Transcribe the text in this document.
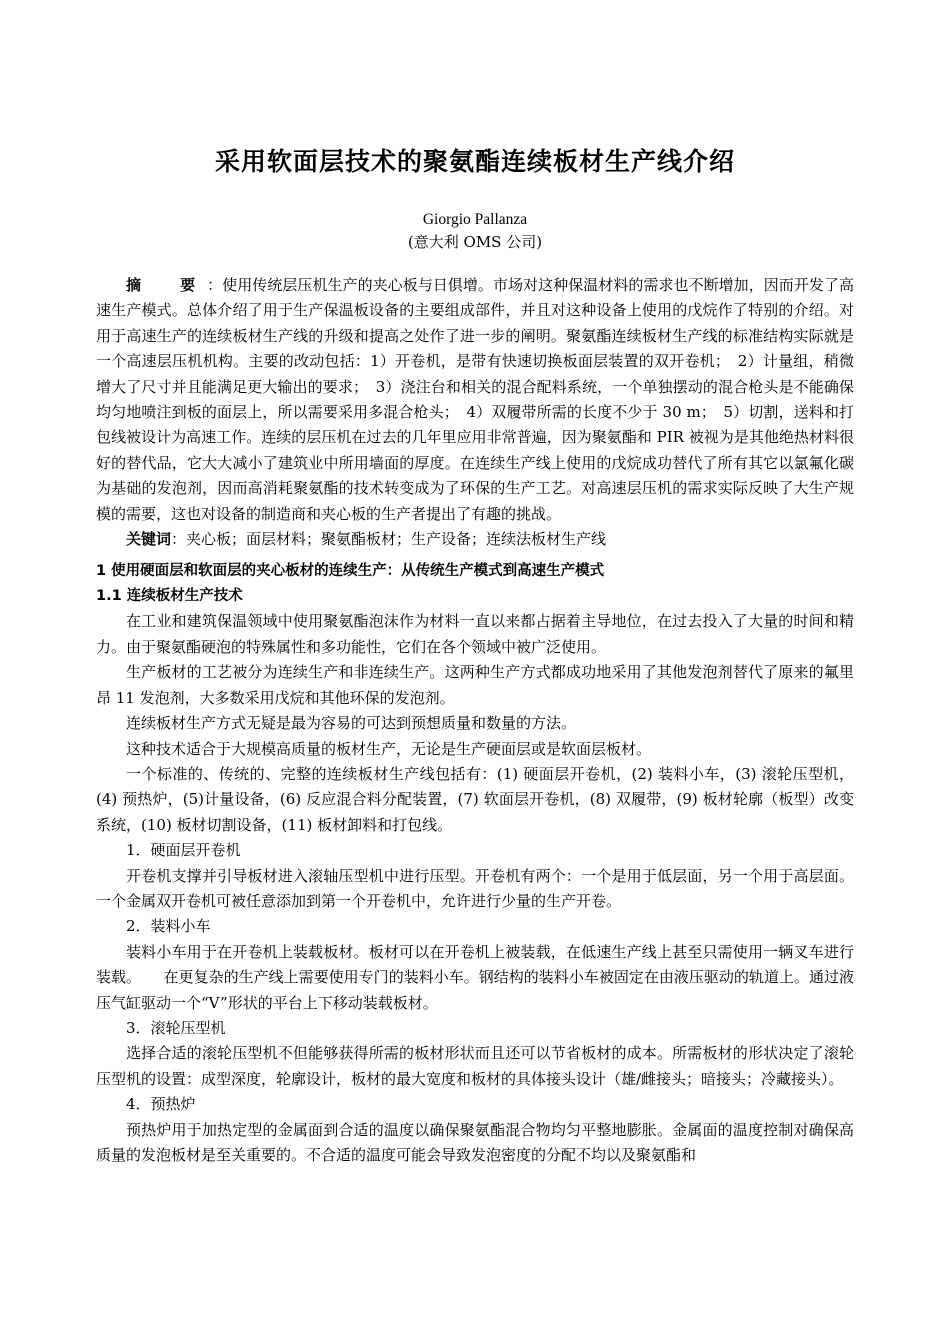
采用软面层技术的聚氨酯连续板材生产线介绍
Giorgio Pallanza
(意大利 OMS 公司)

摘　要：使用传统层压机生产的夹心板与日俱增。市场对这种保温材料的需求也不断增加，因而开发了高速生产模式。总体介绍了用于生产保温板设备的主要组成部件，并且对这种设备上使用的戊烷作了特别的介绍。对用于高速生产的连续板材生产线的升级和提高之处作了进一步的阐明。聚氨酯连续板材生产线的标准结构实际就是一个高速层压机机构。主要的改动包括：1）开卷机，是带有快速切换板面层装置的双开卷机；　2）计量组，稍微增大了尺寸并且能满足更大输出的要求；　3）浇注台和相关的混合配料系统，一个单独摆动的混合枪头是不能确保均匀地喷注到板的面层上，所以需要采用多混合枪头；　4）双履带所需的长度不少于 30 m；　5）切割，送料和打包线被设计为高速工作。连续的层压机在过去的几年里应用非常普遍，因为聚氨酯和 PIR 被视为是其他绝热材料很好的替代品，它大大减小了建筑业中所用墙面的厚度。在连续生产线上使用的戊烷成功替代了所有其它以氯氟化碳为基础的发泡剂，因而高消耗聚氨酯的技术转变成为了环保的生产工艺。对高速层压机的需求实际反映了大生产规模的需要，这也对设备的制造商和夹心板的生产者提出了有趣的挑战。

关键词：夹心板；面层材料；聚氨酯板材；生产设备；连续法板材生产线

1 使用硬面层和软面层的夹心板材的连续生产：从传统生产模式到高速生产模式
1.1 连续板材生产技术

在工业和建筑保温领域中使用聚氨酯泡沫作为材料一直以来都占据着主导地位，在过去投入了大量的时间和精力。由于聚氨酯硬泡的特殊属性和多功能性，它们在各个领域中被广泛使用。

生产板材的工艺被分为连续生产和非连续生产。这两种生产方式都成功地采用了其他发泡剂替代了原来的氟里昂 11 发泡剂，大多数采用戊烷和其他环保的发泡剂。

连续板材生产方式无疑是最为容易的可达到预想质量和数量的方法。

这种技术适合于大规模高质量的板材生产，无论是生产硬面层或是软面层板材。

一个标准的、传统的、完整的连续板材生产线包括有：(1) 硬面层开卷机，(2) 装料小车，(3) 滚轮压型机，(4) 预热炉，(5)计量设备，(6) 反应混合料分配装置，(7) 软面层开卷机，(8) 双履带，(9) 板材轮廓（板型）改变系统，(10) 板材切割设备，(11) 板材卸料和打包线。

1．硬面层开卷机

开卷机支撑并引导板材进入滚轴压型机中进行压型。开卷机有两个：一个是用于低层面，另一个用于高层面。一个金属双开卷机可被任意添加到第一个开卷机中，允许进行少量的生产开卷。

2．装料小车

装料小车用于在开卷机上装载板材。板材可以在开卷机上被装载，在低速生产线上甚至只需使用一辆叉车进行装载。　　在更复杂的生产线上需要使用专门的装料小车。钢结构的装料小车被固定在由液压驱动的轨道上。通过液压气缸驱动一个“V”形状的平台上下移动装载板材。

3．滚轮压型机

选择合适的滚轮压型机不但能够获得所需的板材形状而且还可以节省板材的成本。所需板材的形状决定了滚轮压型机的设置：成型深度，轮廓设计，板材的最大宽度和板材的具体接头设计（雄/雌接头；暗接头；冷藏接头）。

4．预热炉

预热炉用于加热定型的金属面到合适的温度以确保聚氨酯混合物均匀平整地膨胀。金属面的温度控制对确保高质量的发泡板材是至关重要的。不合适的温度可能会导致发泡密度的分配不均以及聚氨酯和
